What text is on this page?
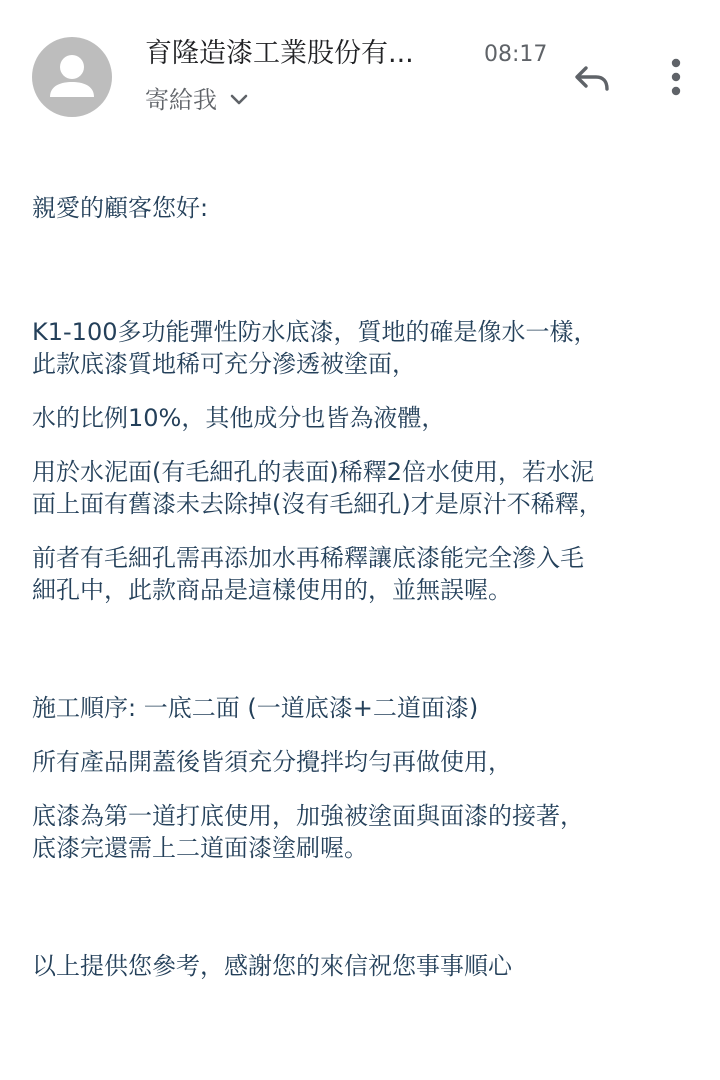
育隆造漆工業股份有...	08:17
寄給我

親愛的顧客您好:

K1-100多功能彈性防水底漆，質地的確是像水一樣，

此款底漆質地稀可充分滲透被塗面，

水的比例10%，其他成分也皆為液體，

用於水泥面(有毛細孔的表面)稀釋2倍水使用，若水泥

面上面有舊漆未去除掉(沒有毛細孔)才是原汁不稀釋，

前者有毛細孔需再添加水再稀釋讓底漆能完全滲入毛

細孔中，此款商品是這樣使用的，並無誤喔。

施工順序: 一底二面 (一道底漆+二道面漆)

所有產品開蓋後皆須充分攪拌均勻再做使用，

底漆為第一道打底使用，加強被塗面與面漆的接著，

底漆完還需上二道面漆塗刷喔。

以上提供您參考，感謝您的來信祝您事事順心
